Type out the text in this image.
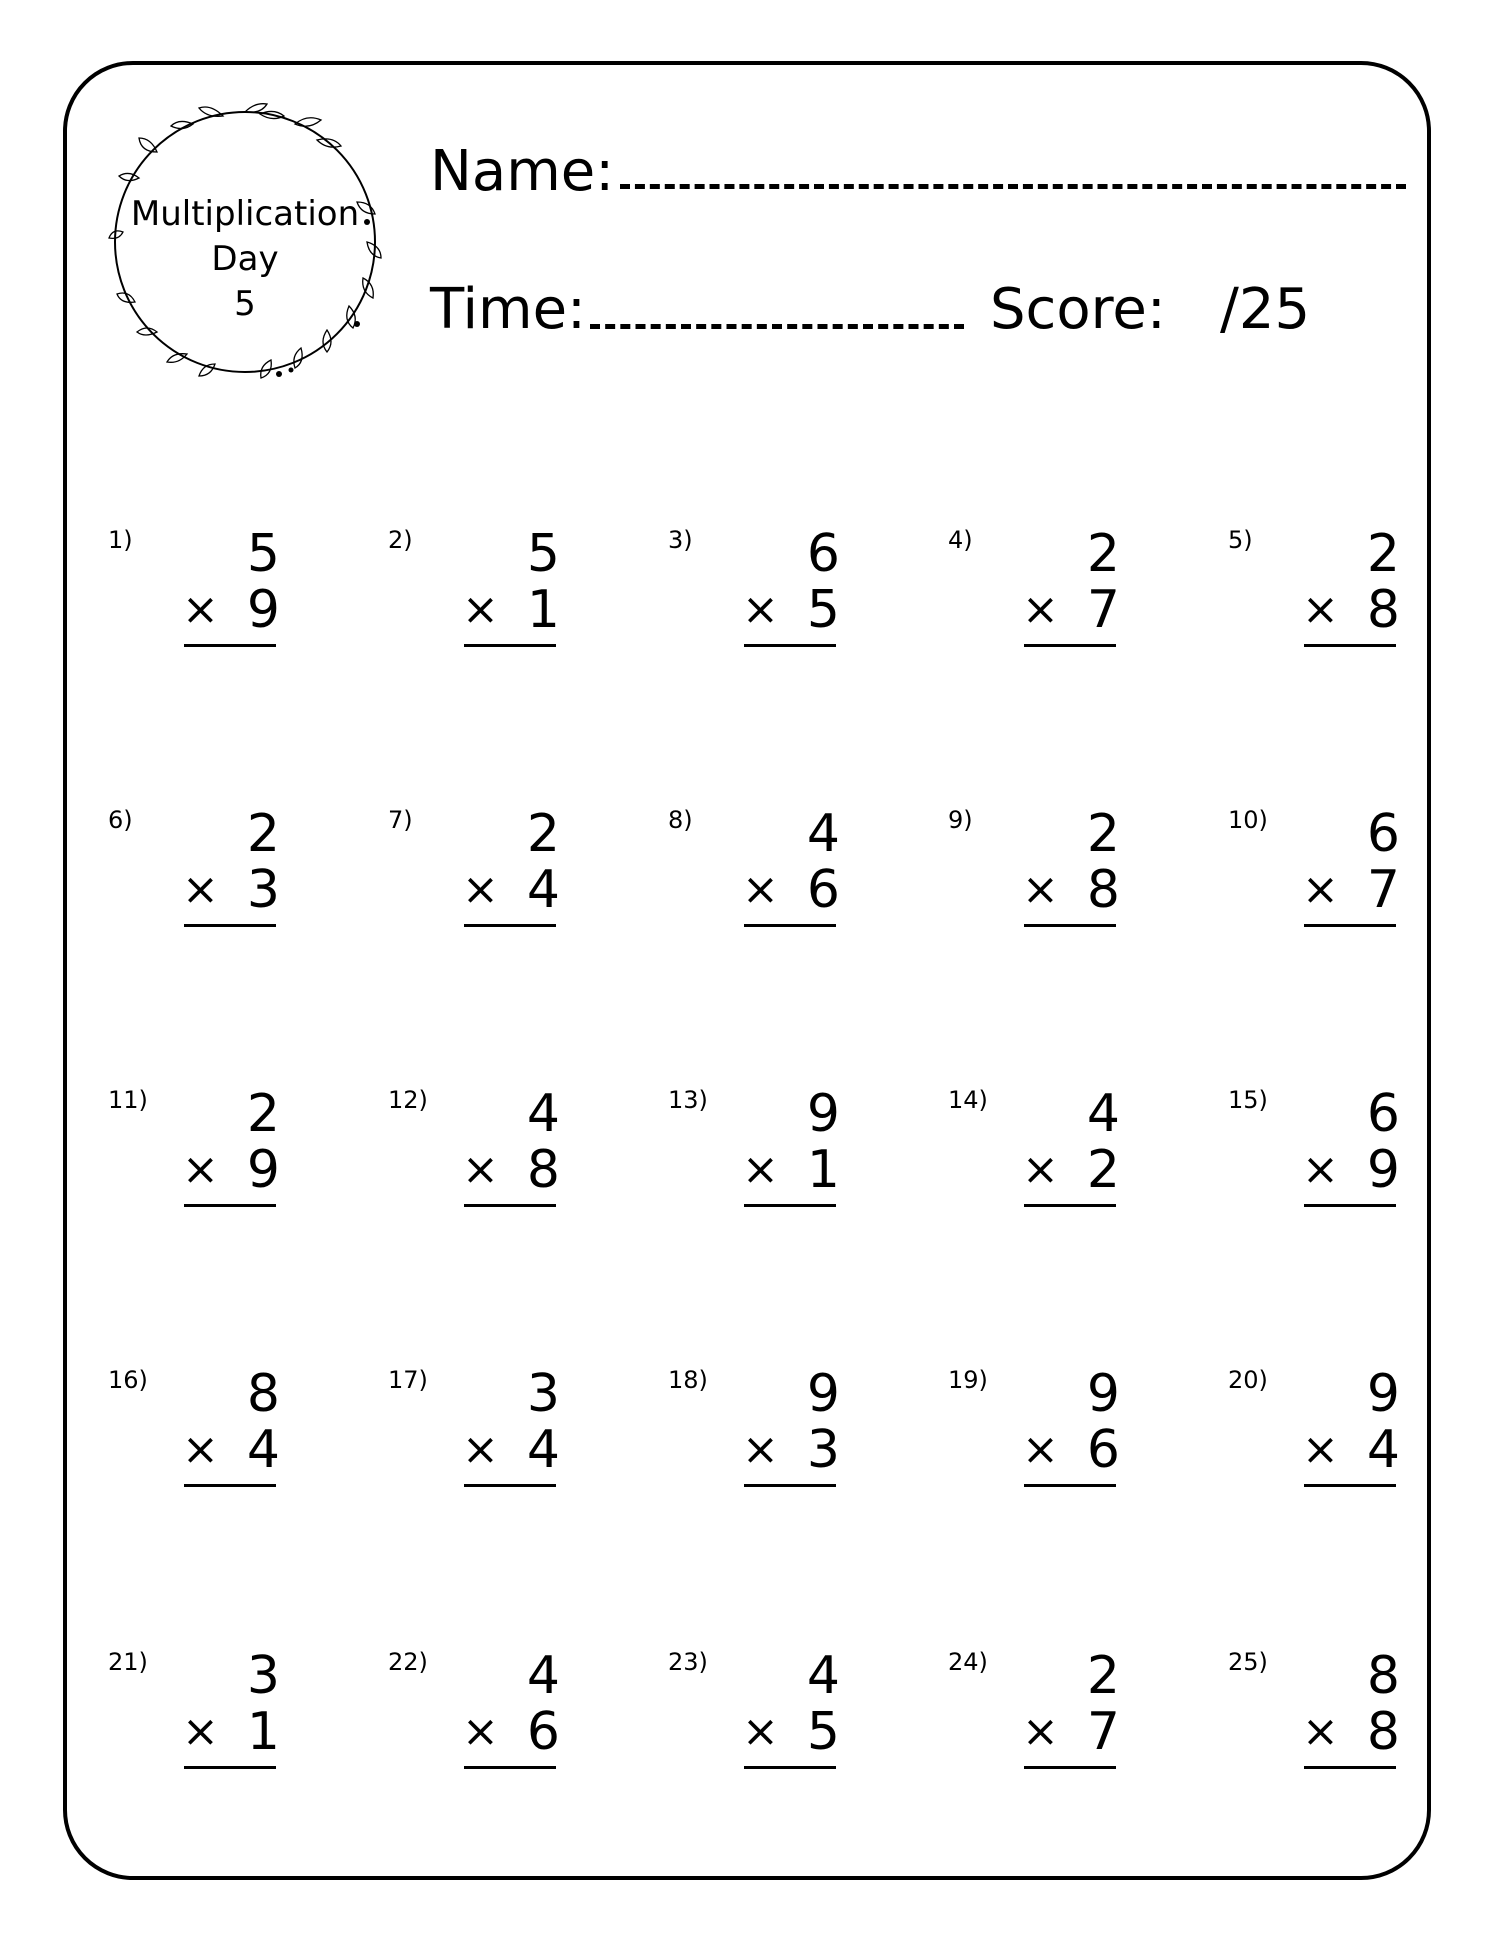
Multiplication
Day
5
Name:
Time:	Score: /25
1)	5
× 9
2)	5
× 1
3)	6
× 5
4)	2
× 7
5)	2
× 8
6)	2
× 3
7)	2
× 4
8)	4
× 6
9)	2
× 8
10)	6
× 7
11)	2
× 9
12)	4
× 8
13)	9
× 1
14)	4
× 2
15)	6
× 9
16)	8
× 4
17)	3
× 4
18)	9
× 3
19)	9
× 6
20)	9
× 4
21)	3
× 1
22)	4
× 6
23)	4
× 5
24)	2
× 7
25)	8
× 8
